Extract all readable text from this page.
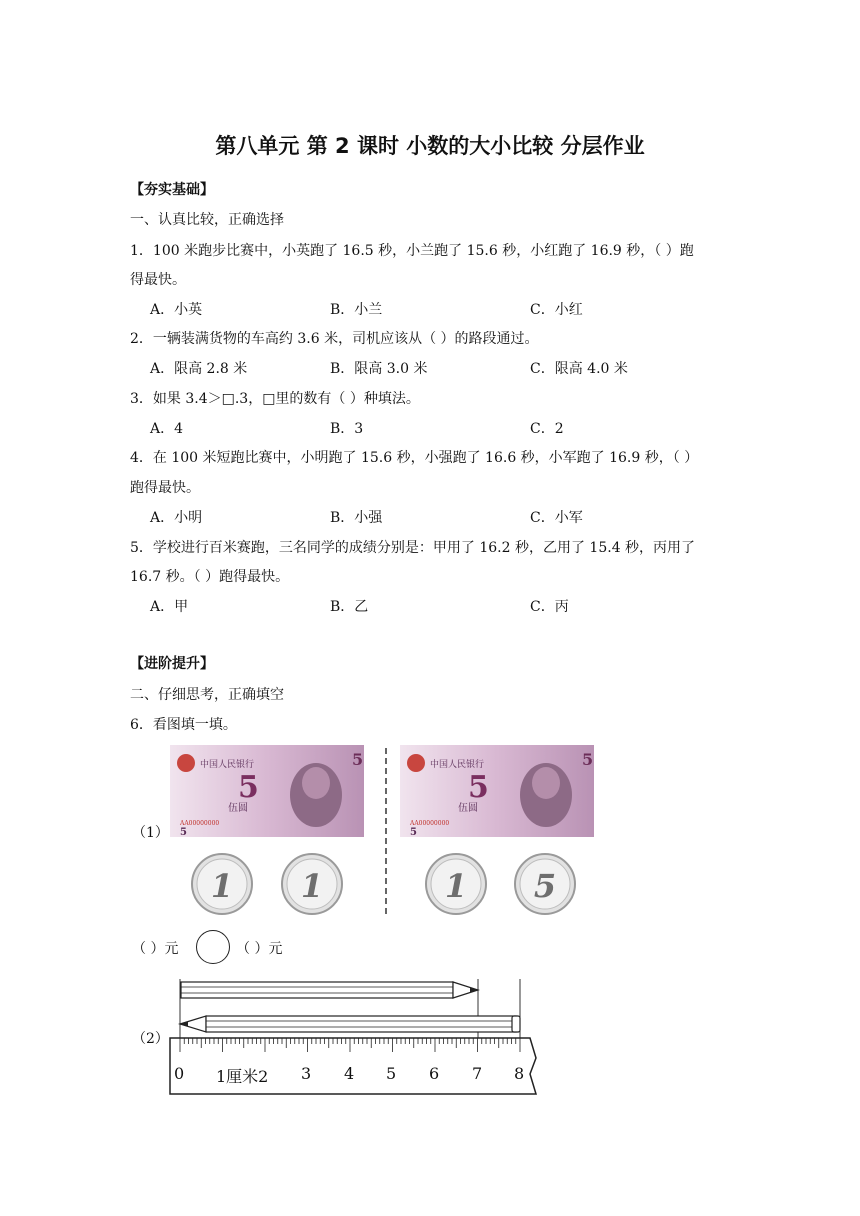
第八单元 第 2 课时 小数的大小比较 分层作业
【夯实基础】
一、认真比较，正确选择
1．100 米跑步比赛中，小英跑了 16.5 秒，小兰跑了 15.6 秒，小红跑了 16.9 秒，（ ）跑
得最快。
A．小英	B．小兰	C．小红
2．一辆装满货物的车高约 3.6 米，司机应该从（ ）的路段通过。
A．限高 2.8 米	B．限高 3.0 米	C．限高 4.0 米
3．如果 3.4＞□.3，□里的数有（ ）种填法。
A．4	B．3	C．2
4．在 100 米短跑比赛中，小明跑了 15.6 秒，小强跑了 16.6 秒，小军跑了 16.9 秒，（ ）
跑得最快。
A．小明	B．小强	C．小军
5．学校进行百米赛跑，三名同学的成绩分别是：甲用了 16.2 秒，乙用了 15.4 秒，丙用了
16.7 秒。（ ）跑得最快。
A．甲	B．乙	C．丙
【进阶提升】
二、仔细思考，正确填空
6．看图填一填。
（1）
中国人民银行
5
伍圆
AA00000000
5
5
中国人民银行
5
伍圆
AA00000000
5
5
1 1	1 5
（ ）元	（ ）元
（2）
0 1厘米2 3 4 5 6 7 8
